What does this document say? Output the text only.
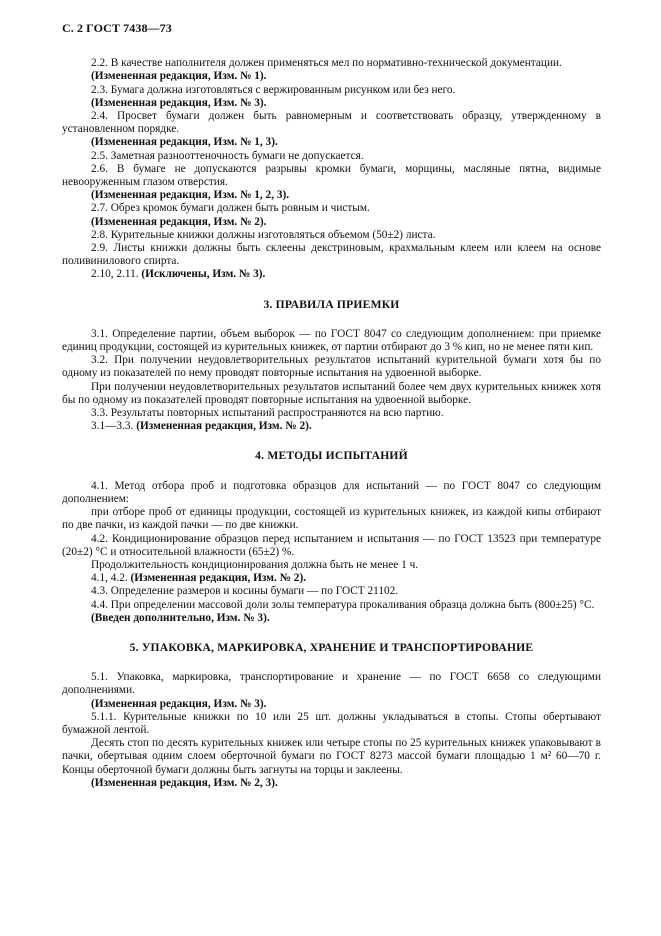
С. 2 ГОСТ 7438—73

2.2. В качестве наполнителя должен применяться мел по нормативно-технической документации.

(Измененная редакция, Изм. № 1).

2.3. Бумага должна изготовляться с вержированным рисунком или без него.

(Измененная редакция, Изм. № 3).

2.4. Просвет бумаги должен быть равномерным и соответствовать образцу, утвержденному в установленном порядке.

(Измененная редакция, Изм. № 1, 3).

2.5. Заметная разнооттеночность бумаги не допускается.

2.6. В бумаге не допускаются разрывы кромки бумаги, морщины, масляные пятна, видимые невооруженным глазом отверстия.

(Измененная редакция, Изм. № 1, 2, 3).

2.7. Обрез кромок бумаги должен быть ровным и чистым.

(Измененная редакция, Изм. № 2).

2.8. Курительные книжки должны изготовляться объемом (50±2) листа.

2.9. Листы книжки должны быть склеены декстриновым, крахмальным клеем или клеем на основе поливинилового спирта.

2.10, 2.11. (Исключены, Изм. № 3).

3. ПРАВИЛА ПРИЕМКИ

3.1. Определение партии, объем выборок — по ГОСТ 8047 со следующим дополнением: при приемке единиц продукции, состоящей из курительных книжек, от партии отбирают до 3 % кип, но не менее пяти кип.

3.2. При получении неудовлетворительных результатов испытаний курительной бумаги хотя бы по одному из показателей по нему проводят повторные испытания на удвоенной выборке.

При получении неудовлетворительных результатов испытаний более чем двух курительных книжек хотя бы по одному из показателей проводят повторные испытания на удвоенной выборке.

3.3. Результаты повторных испытаний распространяются на всю партию.

3.1—3.3. (Измененная редакция, Изм. № 2).

4. МЕТОДЫ ИСПЫТАНИЙ

4.1. Метод отбора проб и подготовка образцов для испытаний — по ГОСТ 8047 со следующим дополнением:

при отборе проб от единицы продукции, состоящей из курительных книжек, из каждой кипы отбирают по две пачки, из каждой пачки — по две книжки.

4.2. Кондиционирование образцов перед испытанием и испытания — по ГОСТ 13523 при температуре (20±2) °С и относительной влажности (65±2) %.

Продолжительность кондиционирования должна быть не менее 1 ч.

4.1, 4.2. (Измененная редакция, Изм. № 2).

4.3. Определение размеров и косины бумаги — по ГОСТ 21102.

4.4. При определении массовой доли золы температура прокаливания образца должна быть (800±25) °С.

(Введен дополнительно, Изм. № 3).

5. УПАКОВКА, МАРКИРОВКА, ХРАНЕНИЕ И ТРАНСПОРТИРОВАНИЕ

5.1. Упаковка, маркировка, транспортирование и хранение — по ГОСТ 6658 со следующими дополнениями.

(Измененная редакция, Изм. № 3).

5.1.1. Курительные книжки по 10 или 25 шт. должны укладываться в стопы. Стопы обертывают бумажной лентой.

Десять стоп по десять курительных книжек или четыре стопы по 25 курительных книжек упаковывают в пачки, обертывая одним слоем оберточной бумаги по ГОСТ 8273 массой бумаги площадью 1 м² 60—70 г. Концы оберточной бумаги должны быть загнуты на торцы и заклеены.

(Измененная редакция, Изм. № 2, 3).
